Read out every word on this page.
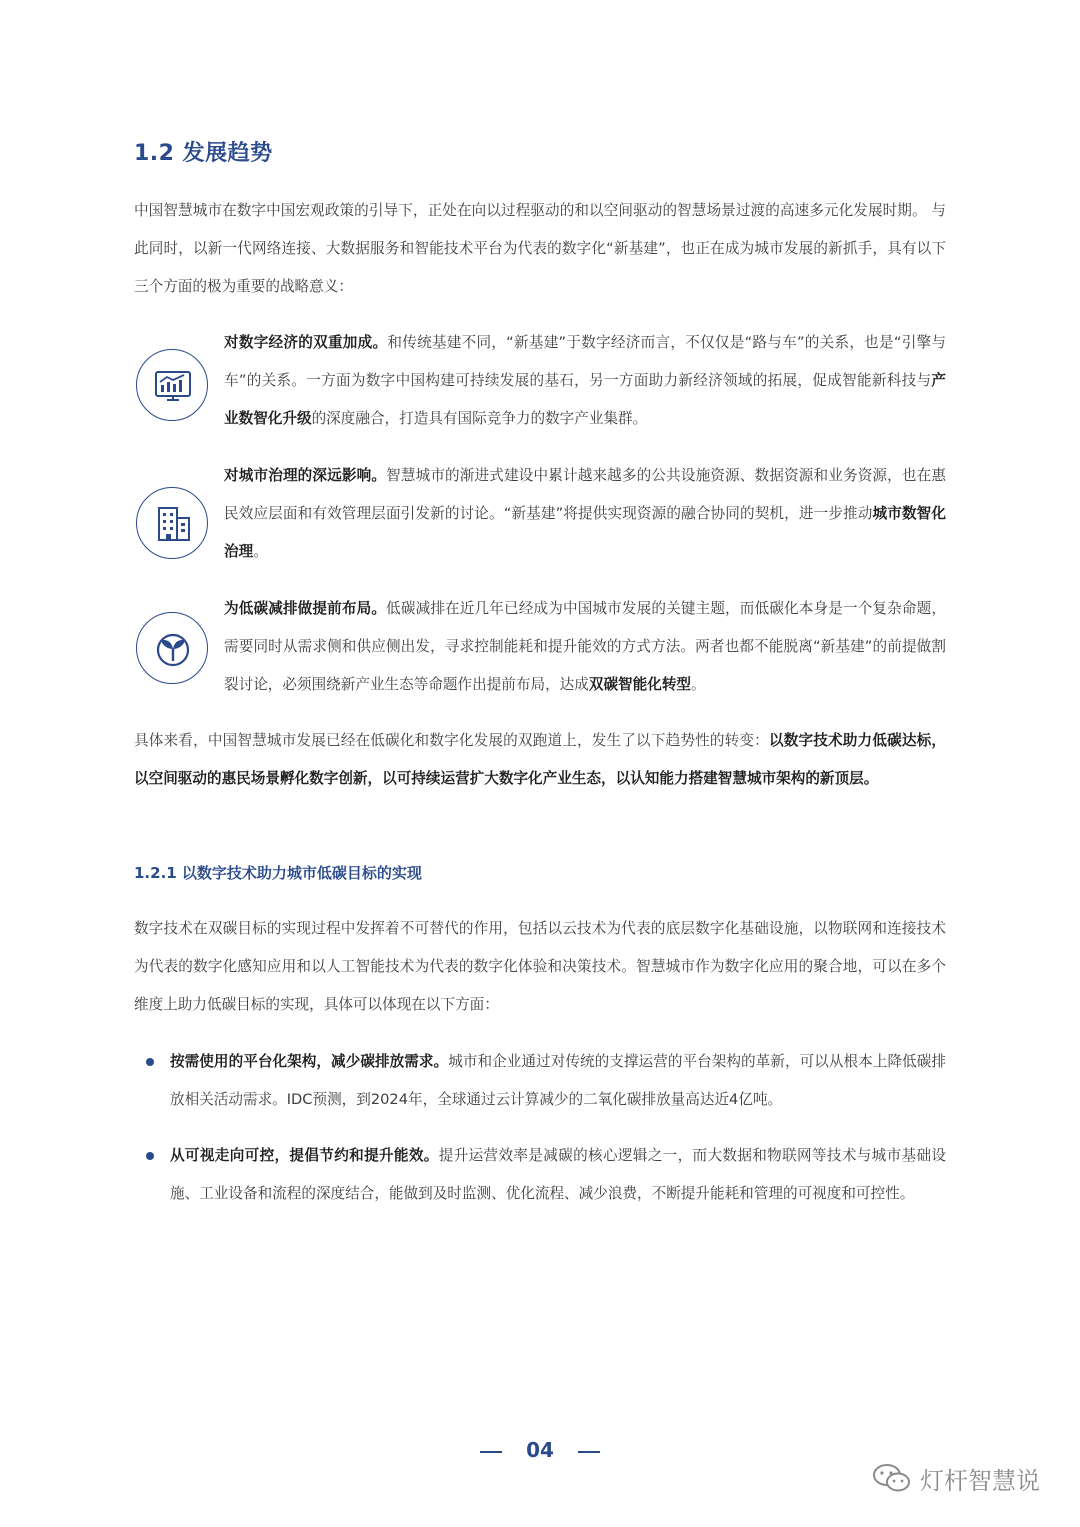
1.2 发展趋势
中国智慧城市在数字中国宏观政策的引导下，正处在向以过程驱动的和以空间驱动的智慧场景过渡的高速多元化发展时期。 与此同时，以新一代网络连接、大数据服务和智能技术平台为代表的数字化“新基建”，也正在成为城市发展的新抓手，具有以下三个方面的极为重要的战略意义：
对数字经济的双重加成。和传统基建不同，“新基建”于数字经济而言，不仅仅是“路与车”的关系，也是“引擎与车”的关系。一方面为数字中国构建可持续发展的基石，另一方面助力新经济领域的拓展，促成智能新科技与产业数智化升级的深度融合，打造具有国际竞争力的数字产业集群。
对城市治理的深远影响。智慧城市的渐进式建设中累计越来越多的公共设施资源、数据资源和业务资源，也在惠民效应层面和有效管理层面引发新的讨论。“新基建”将提供实现资源的融合协同的契机，进一步推动城市数智化治理。
为低碳减排做提前布局。低碳减排在近几年已经成为中国城市发展的关键主题，而低碳化本身是一个复杂命题，需要同时从需求侧和供应侧出发，寻求控制能耗和提升能效的方式方法。两者也都不能脱离“新基建”的前提做割裂讨论，必须围绕新产业生态等命题作出提前布局，达成双碳智能化转型。
具体来看，中国智慧城市发展已经在低碳化和数字化发展的双跑道上，发生了以下趋势性的转变：以数字技术助力低碳达标，以空间驱动的惠民场景孵化数字创新，以可持续运营扩大数字化产业生态，以认知能力搭建智慧城市架构的新顶层。
1.2.1 以数字技术助力城市低碳目标的实现
数字技术在双碳目标的实现过程中发挥着不可替代的作用，包括以云技术为代表的底层数字化基础设施，以物联网和连接技术为代表的数字化感知应用和以人工智能技术为代表的数字化体验和决策技术。智慧城市作为数字化应用的聚合地，可以在多个维度上助力低碳目标的实现，具体可以体现在以下方面：
按需使用的平台化架构，减少碳排放需求。城市和企业通过对传统的支撑运营的平台架构的革新，可以从根本上降低碳排放相关活动需求。IDC预测，到2024年，全球通过云计算减少的二氧化碳排放量高达近4亿吨。
从可视走向可控，提倡节约和提升能效。提升运营效率是减碳的核心逻辑之一，而大数据和物联网等技术与城市基础设施、工业设备和流程的深度结合，能做到及时监测、优化流程、减少浪费，不断提升能耗和管理的可视度和可控性。
04
灯杆智慧说
